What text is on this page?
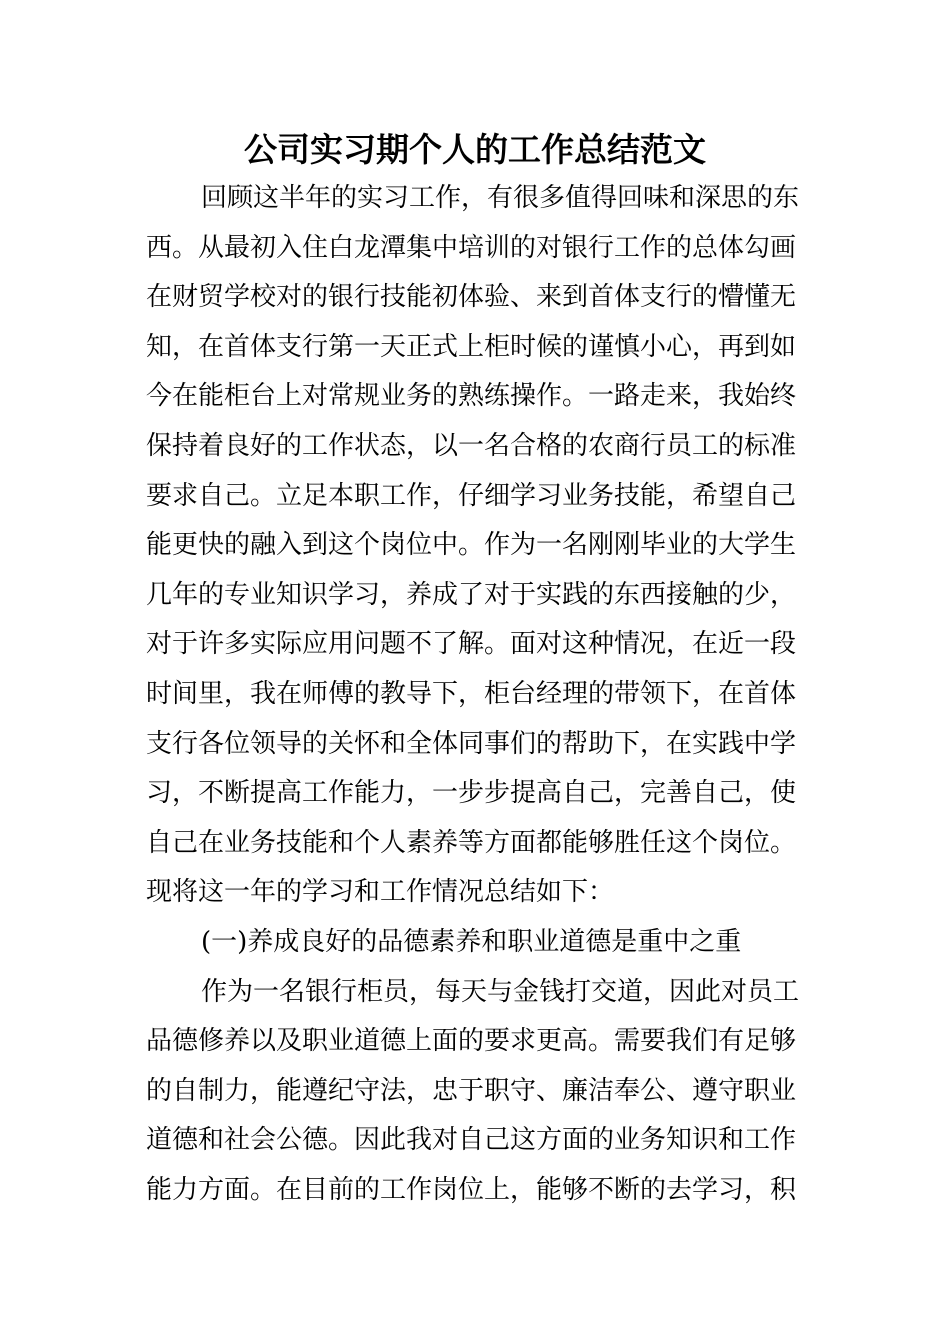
公司实习期个人的工作总结范文
回顾这半年的实习工作，有很多值得回味和深思的东
西。从最初入住白龙潭集中培训的对银行工作的总体勾画
在财贸学校对的银行技能初体验、来到首体支行的懵懂无
知，在首体支行第一天正式上柜时候的谨慎小心，再到如
今在能柜台上对常规业务的熟练操作。一路走来，我始终
保持着良好的工作状态，以一名合格的农商行员工的标准
要求自己。立足本职工作，仔细学习业务技能，希望自己
能更快的融入到这个岗位中。作为一名刚刚毕业的大学生
几年的专业知识学习，养成了对于实践的东西接触的少，
对于许多实际应用问题不了解。面对这种情况，在近一段
时间里，我在师傅的教导下，柜台经理的带领下，在首体
支行各位领导的关怀和全体同事们的帮助下，在实践中学
习，不断提高工作能力，一步步提高自己，完善自己，使
自己在业务技能和个人素养等方面都能够胜任这个岗位。
现将这一年的学习和工作情况总结如下：
(一)养成良好的品德素养和职业道德是重中之重
作为一名银行柜员，每天与金钱打交道，因此对员工
品德修养以及职业道德上面的要求更高。需要我们有足够
的自制力，能遵纪守法，忠于职守、廉洁奉公、遵守职业
道德和社会公德。因此我对自己这方面的业务知识和工作
能力方面。在目前的工作岗位上，能够不断的去学习，积
